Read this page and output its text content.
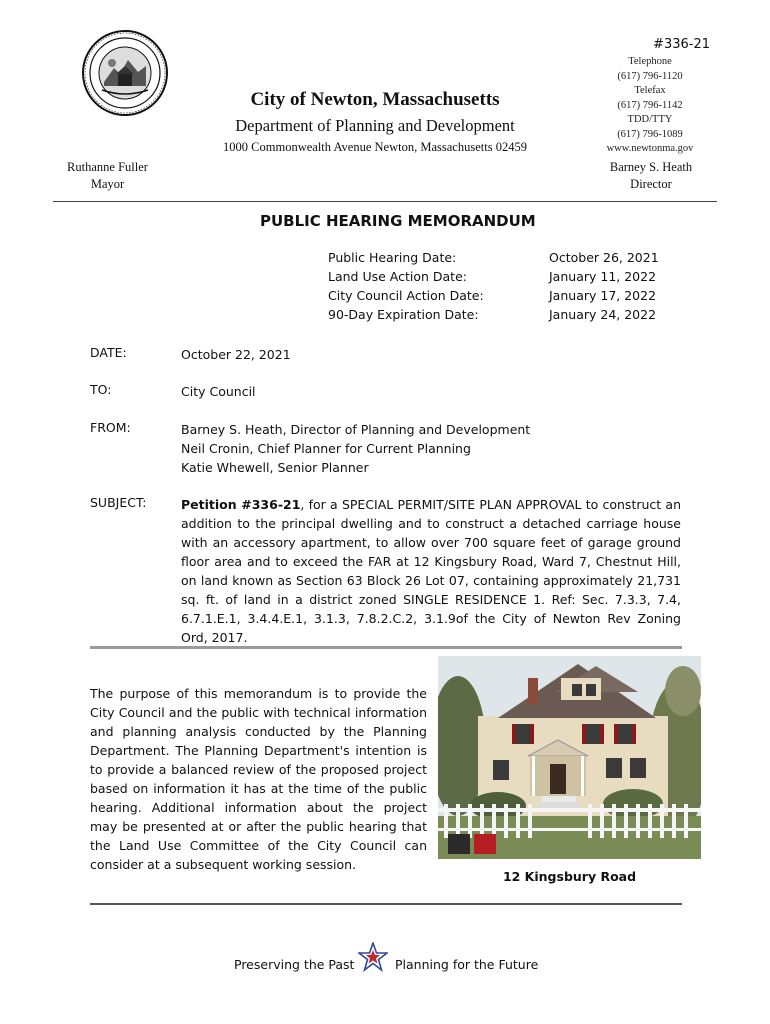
#336-21
Telephone
(617) 796-1120
Telefax
(617) 796-1142
TDD/TTY
(617) 796-1089
www.newtonma.gov
City of Newton, Massachusetts
Department of Planning and Development
1000 Commonwealth Avenue Newton, Massachusetts 02459
Ruthanne Fuller
Mayor
Barney S. Heath
Director
PUBLIC HEARING MEMORANDUM
Public Hearing Date:	October 26, 2021
Land Use Action Date:	January 11, 2022
City Council Action Date:	January 17, 2022
90-Day Expiration Date:	January 24, 2022
DATE:	October 22, 2021
TO:	City Council
FROM:	Barney S. Heath, Director of Planning and Development
Neil Cronin, Chief Planner for Current Planning
Katie Whewell, Senior Planner
SUBJECT:	Petition #336-21, for a SPECIAL PERMIT/SITE PLAN APPROVAL to construct an addition to the principal dwelling and to construct a detached carriage house with an accessory apartment, to allow over 700 square feet of garage ground floor area and to exceed the FAR at 12 Kingsbury Road, Ward 7, Chestnut Hill, on land known as Section 63 Block 26 Lot 07, containing approximately 21,731 sq. ft. of land in a district zoned SINGLE RESIDENCE 1. Ref: Sec. 7.3.3, 7.4, 6.7.1.E.1, 3.4.4.E.1, 3.1.3, 7.8.2.C.2, 3.1.9of the City of Newton Rev Zoning Ord, 2017.
The purpose of this memorandum is to provide the City Council and the public with technical information and planning analysis conducted by the Planning Department. The Planning Department's intention is to provide a balanced review of the proposed project based on information it has at the time of the public hearing. Additional information about the project may be presented at or after the public hearing that the Land Use Committee of the City Council can consider at a subsequent working session.
12 Kingsbury Road
Preserving the Past	Planning for the Future
